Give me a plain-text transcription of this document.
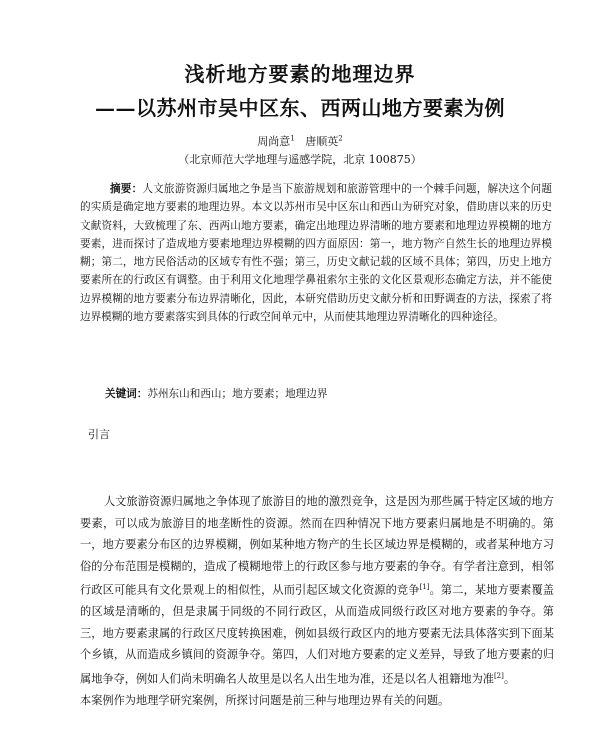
浅析地方要素的地理边界
——以苏州市吴中区东、西两山地方要素为例
周尚意$^1$ 唐顺英$^2$
（北京师范大学地理与遥感学院，北京 100875）
摘要：人文旅游资源归属地之争是当下旅游规划和旅游管理中的一个棘手问题，解决这个问题的实质是确定地方要素的地理边界。本文以苏州市吴中区东山和西山为研究对象，借助唐以来的历史文献资料，大致梳理了东、西两山地方要素，确定出地理边界清晰的地方要素和地理边界模糊的地方要素，进而探讨了造成地方要素地理边界模糊的四方面原因：第一，地方物产自然生长的地理边界模糊；第二，地方民俗活动的区域专有性不强；第三，历史文献记载的区域不具体；第四，历史上地方要素所在的行政区有调整。由于利用文化地理学鼻祖索尔主张的文化区景观形态确定方法，并不能使边界模糊的地方要素分布边界清晰化，因此，本研究借助历史文献分析和田野调查的方法，探索了将边界模糊的地方要素落实到具体的行政空间单元中，从而使其地理边界清晰化的四种途径。
关键词：苏州东山和西山；地方要素；地理边界
引言

人文旅游资源归属地之争体现了旅游目的地的激烈竞争，这是因为那些属于特定区域的地方要素，可以成为旅游目的地垄断性的资源。然而在四种情况下地方要素归属地是不明确的。第一，地方要素分布区的边界模糊，例如某种地方物产的生长区域边界是模糊的，或者某种地方习俗的分布范围是模糊的，造成了模糊地带上的行政区参与地方要素的争夺。有学者注意到，相邻行政区可能具有文化景观上的相似性，从而引起区域文化资源的竞争[1]。第二，某地方要素覆盖的区域是清晰的，但是隶属于同级的不同行政区，从而造成同级行政区对地方要素的争夺。第三，地方要素隶属的行政区尺度转换困难，例如县级行政区内的地方要素无法具体落实到下面某个乡镇，从而造成乡镇间的资源争夺。第四，人们对地方要素的定义差异，导致了地方要素的归属地争夺，例如人们尚未明确名人故里是以名人出生地为准，还是以名人祖籍地为准[2]。

本案例作为地理学研究案例，所探讨问题是前三种与地理边界有关的问题。
